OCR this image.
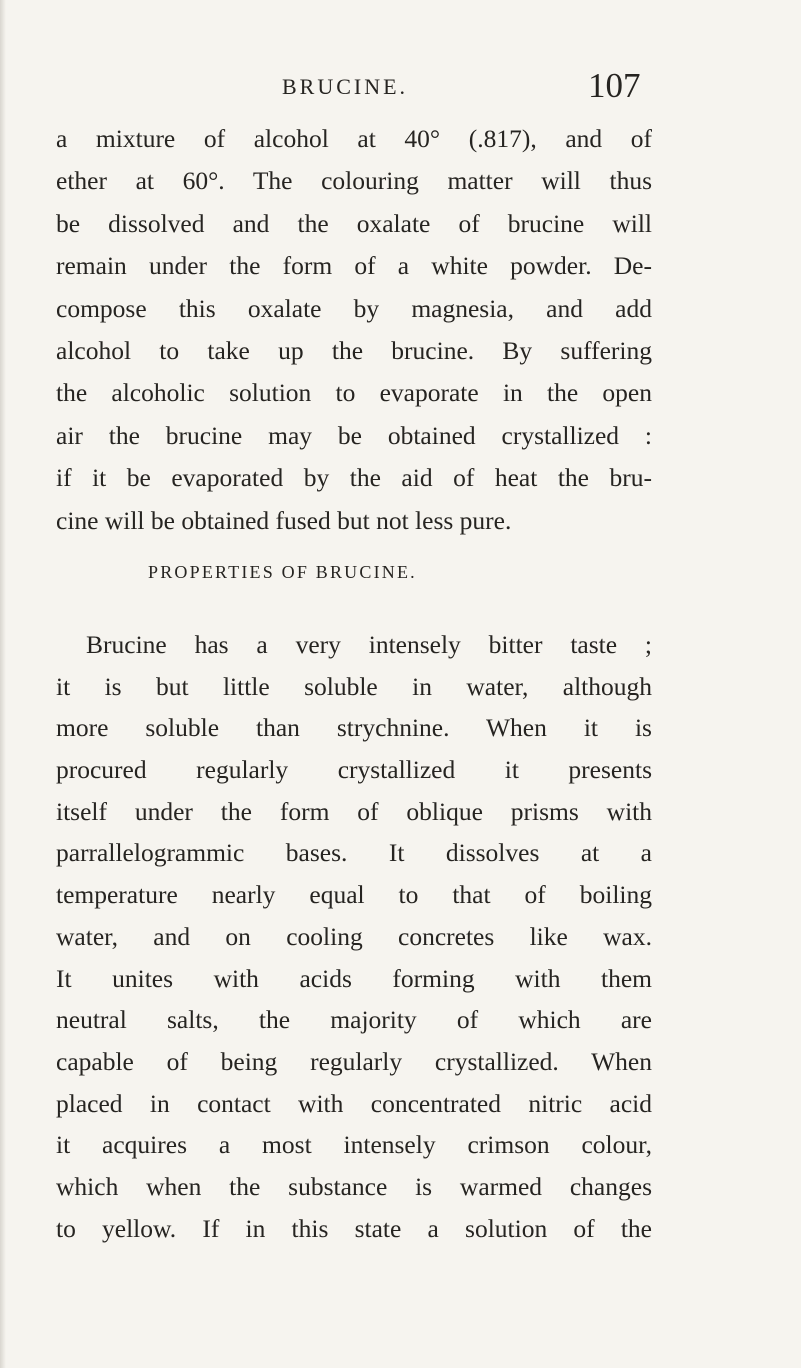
BRUCINE.	107
a mixture of alcohol at 40° (.817), and of
ether at 60°. The colouring matter will thus
be dissolved and the oxalate of brucine will
remain under the form of a white powder. De-
compose this oxalate by magnesia, and add
alcohol to take up the brucine. By suffering
the alcoholic solution to evaporate in the open
air the brucine may be obtained crystallized :
if it be evaporated by the aid of heat the bru-
cine will be obtained fused but not less pure.
PROPERTIES OF BRUCINE.
Brucine has a very intensely bitter taste ;
it is but little soluble in water, although
more soluble than strychnine. When it is
procured regularly crystallized it presents
itself under the form of oblique prisms with
parrallelogrammic bases. It dissolves at a
temperature nearly equal to that of boiling
water, and on cooling concretes like wax.
It unites with acids forming with them
neutral salts, the majority of which are
capable of being regularly crystallized. When
placed in contact with concentrated nitric acid
it acquires a most intensely crimson colour,
which when the substance is warmed changes
to yellow. If in this state a solution of the
